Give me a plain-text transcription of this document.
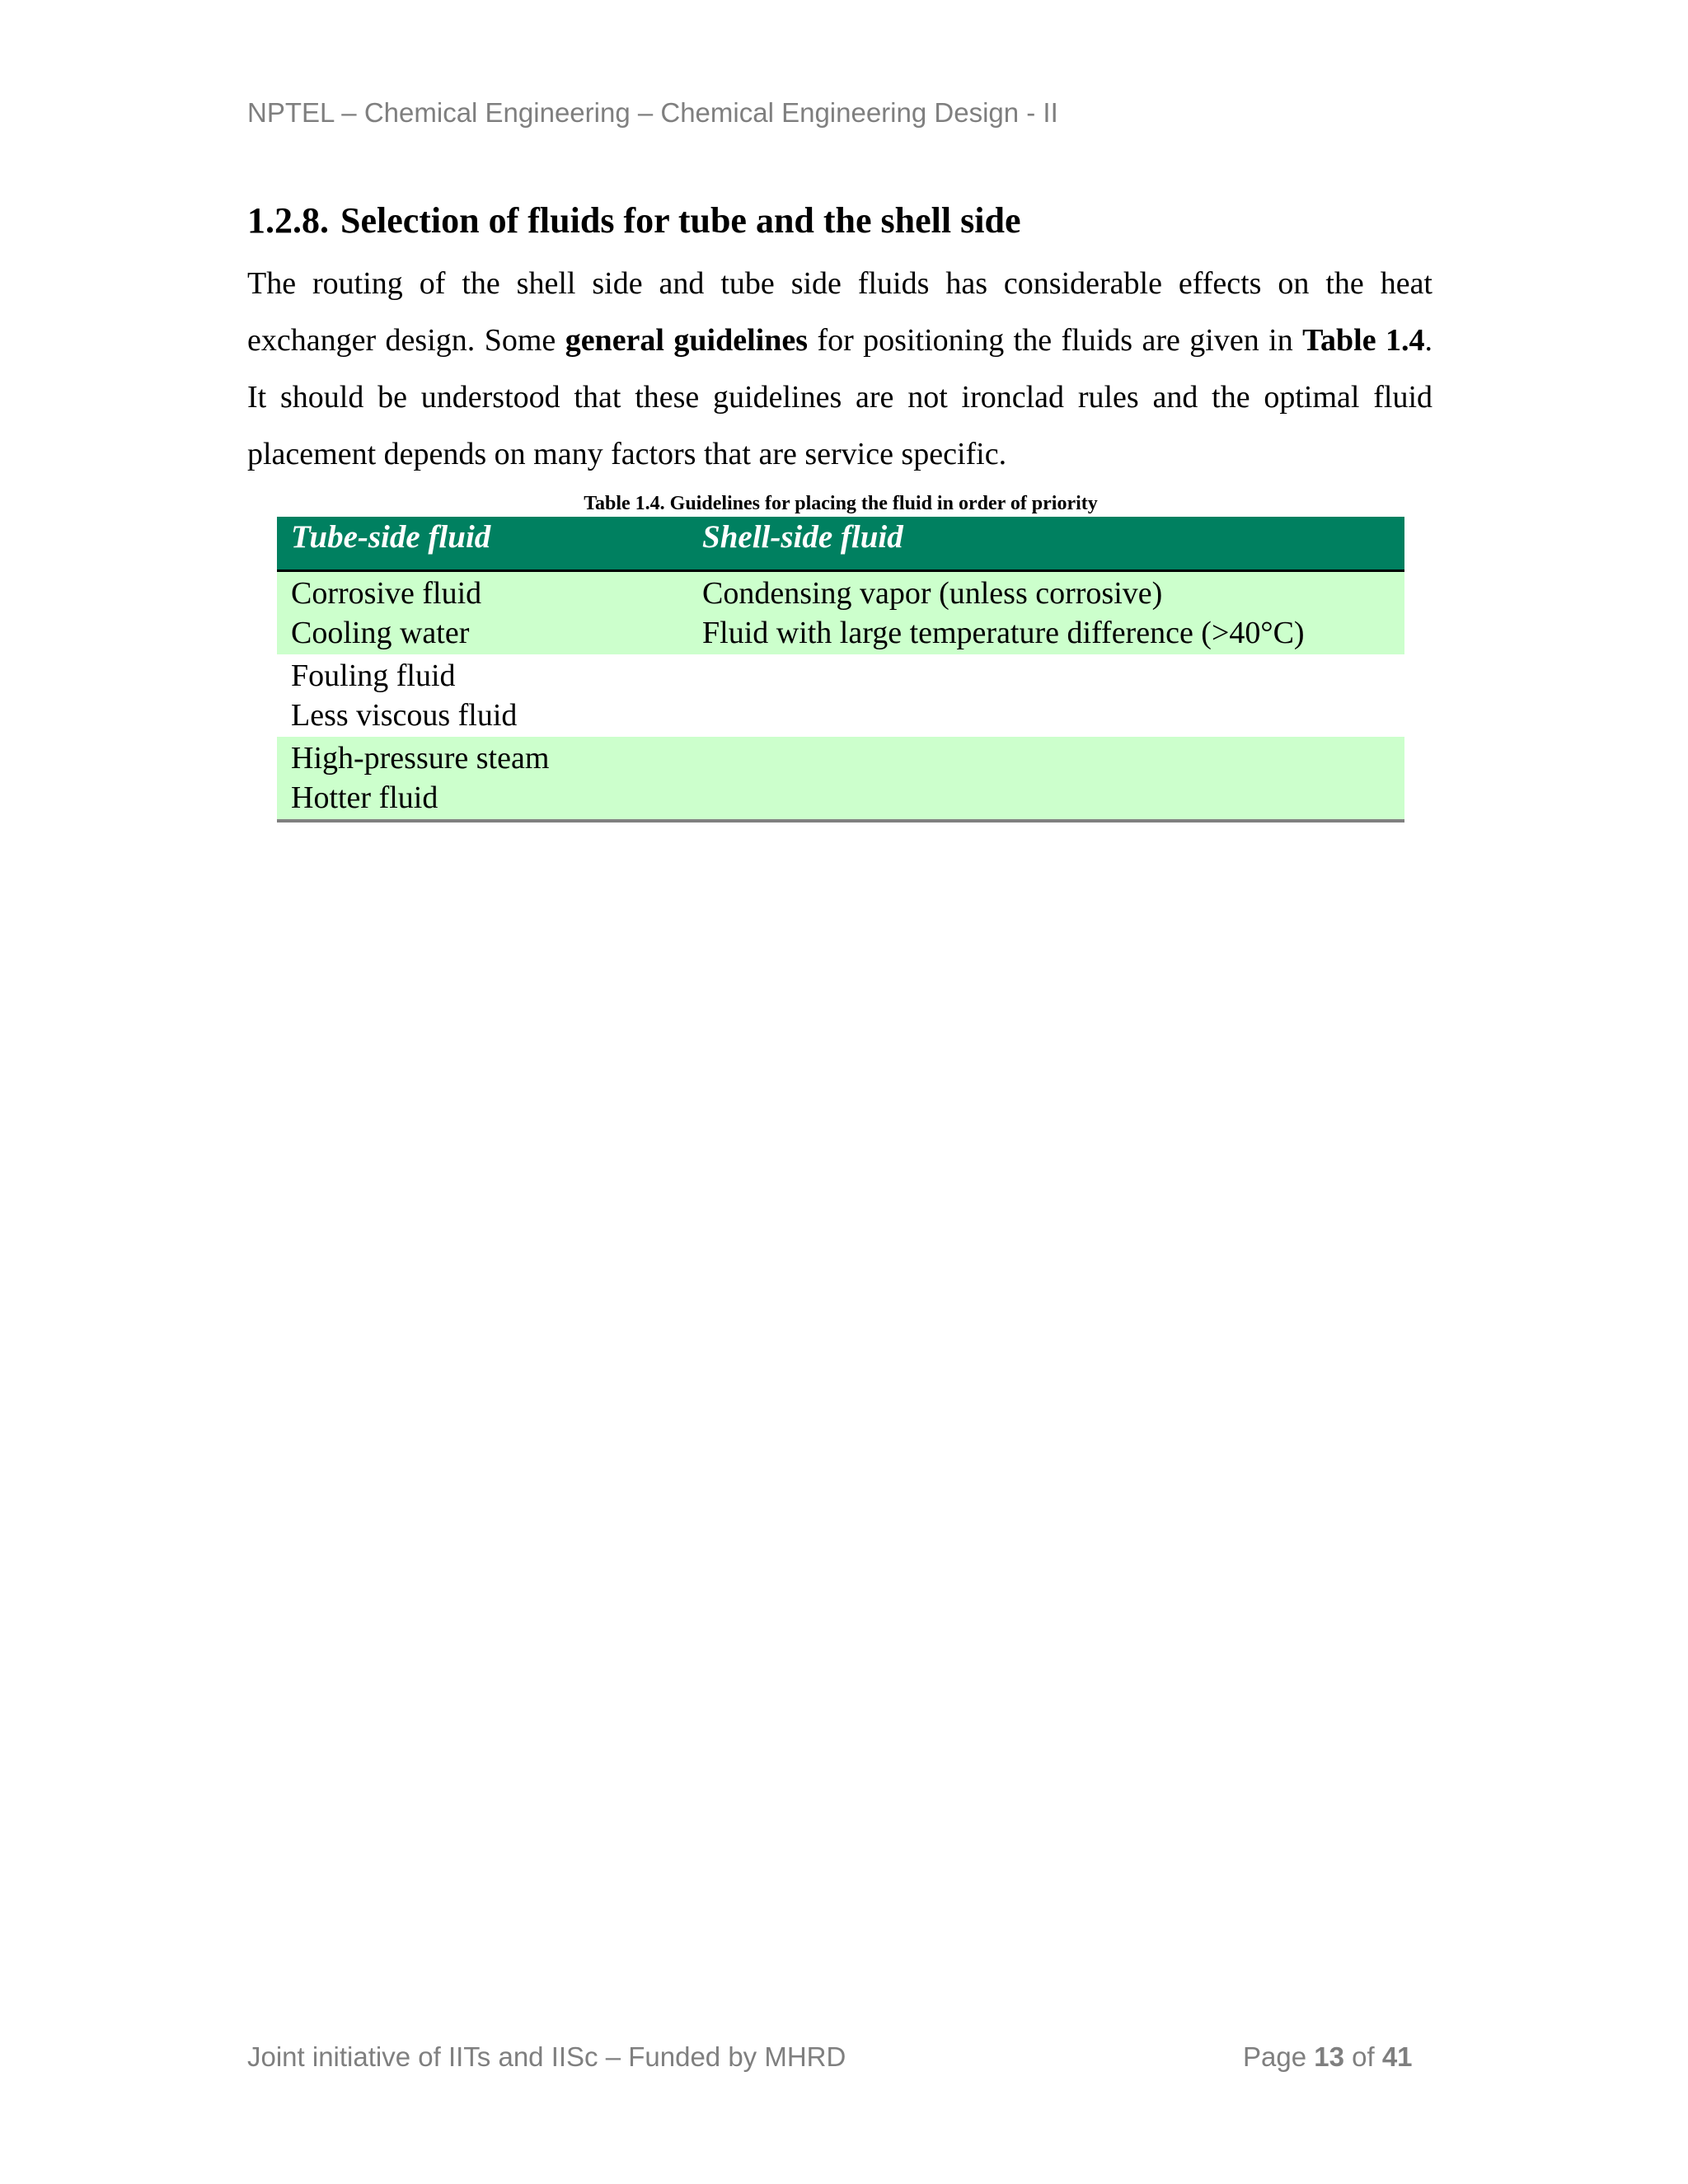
NPTEL – Chemical Engineering – Chemical Engineering Design - II
1.2.8. Selection of fluids for tube and the shell side

The routing of the shell side and tube side fluids has considerable effects on the heat exchanger design. Some general guidelines for positioning the fluids are given in Table 1.4. It should be understood that these guidelines are not ironclad rules and the optimal fluid placement depends on many factors that are service specific.

Table 1.4. Guidelines for placing the fluid in order of priority
Tube-side fluid	Shell-side fluid
Corrosive fluid	Condensing vapor (unless corrosive)
Cooling water	Fluid with large temperature difference (>40°C)
Fouling fluid
Less viscous fluid
High-pressure steam
Hotter fluid
Joint initiative of IITs and IISc – Funded by MHRD	Page 13 of 41
